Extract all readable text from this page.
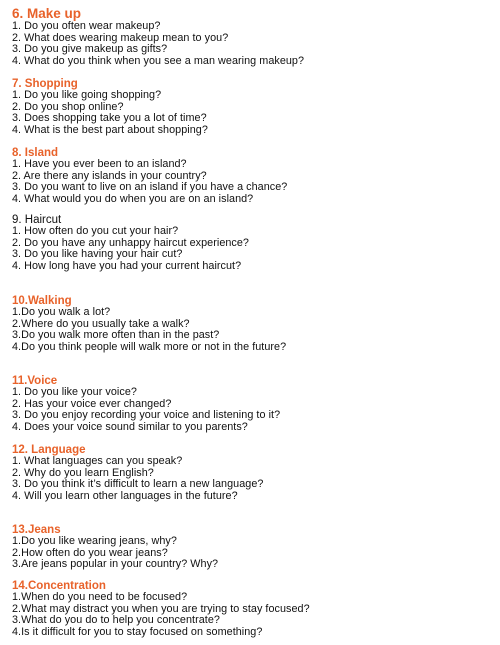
6. Make up
1. Do you often wear makeup?
2. What does wearing makeup mean to you?
3. Do you give makeup as gifts?
4. What do you think when you see a man wearing makeup?
7. Shopping
1. Do you like going shopping?
2. Do you shop online?
3. Does shopping take you a lot of time?
4. What is the best part about shopping?
8. Island
1. Have you ever been to an island?
2. Are there any islands in your country?
3. Do you want to live on an island if you have a chance?
4. What would you do when you are on an island?
9. Haircut
1. How often do you cut your hair?
2. Do you have any unhappy haircut experience?
3. Do you like having your hair cut?
4. How long have you had your current haircut?
10.Walking
1.Do you walk a lot?
2.Where do you usually take a walk?
3.Do you walk more often than in the past?
4.Do you think people will walk more or not in the future?
11.Voice
1. Do you like your voice?
2. Has your voice ever changed?
3. Do you enjoy recording your voice and listening to it?
4. Does your voice sound similar to you parents?
12. Language
1. What languages can you speak?
2. Why do you learn English?
3. Do you think it’s difficult to learn a new language?
4. Will you learn other languages in the future?
13.Jeans
1.Do you like wearing jeans, why?
2.How often do you wear jeans?
3.Are jeans popular in your country? Why?
14.Concentration
1.When do you need to be focused?
2.What may distract you when you are trying to stay focused?
3.What do you do to help you concentrate?
4.Is it difficult for you to stay focused on something?
